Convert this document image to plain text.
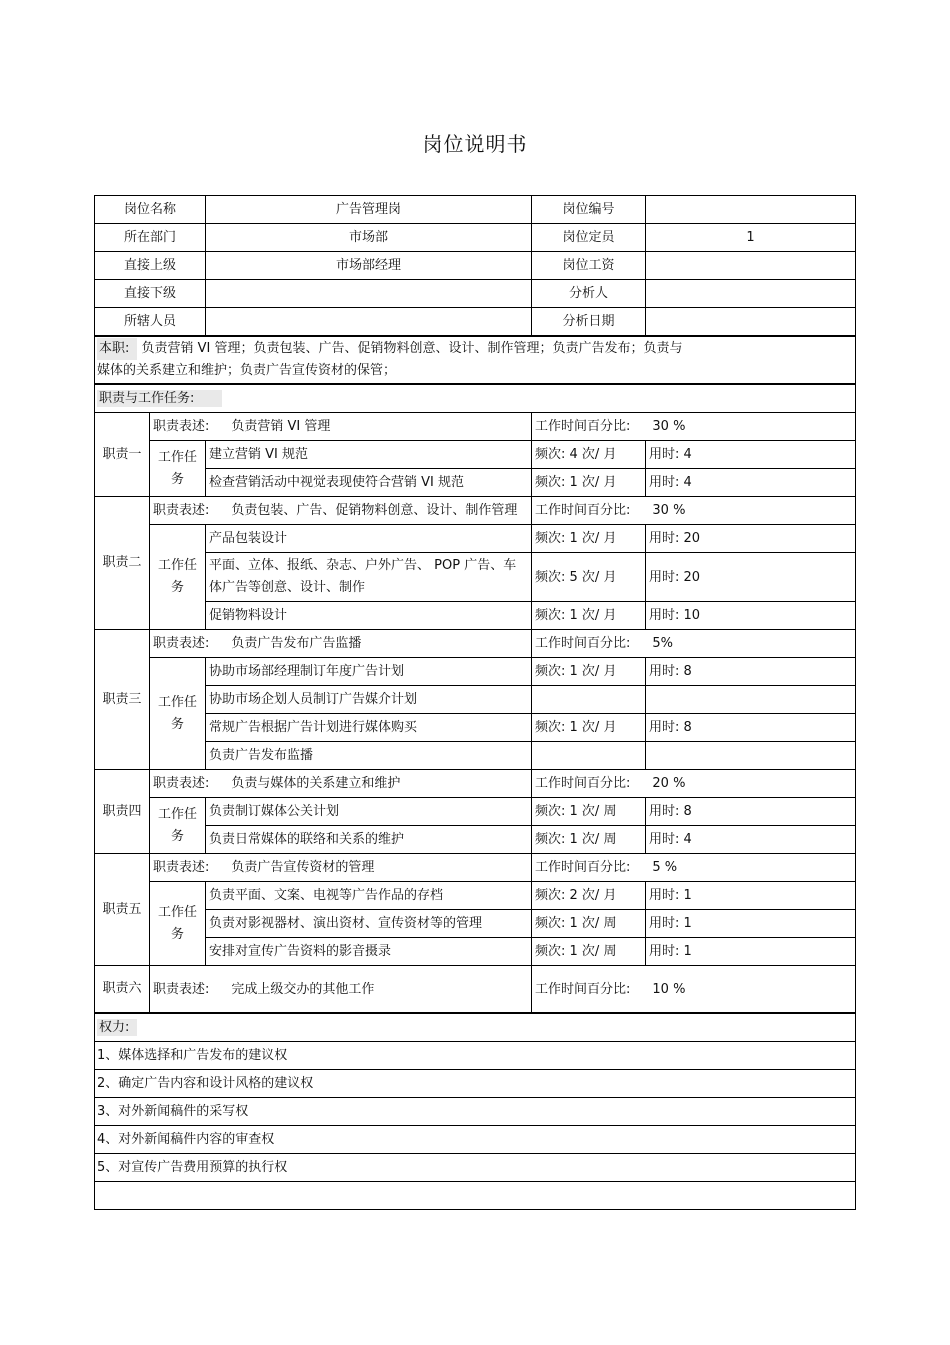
岗位说明书
岗位名称		广告管理岗	岗位编号	
所在部门		市场部	岗位定员	1
直接上级		市场部经理	岗位工资	
直接下级			分析人	
所辖人员			分析日期	
本职: 负责营销 VI 管理；负责包装、广告、促销物料创意、设计、制作管理；负责广告发布；负责与
媒体的关系建立和维护；负责广告宣传资材的保管；				
职责与工作任务:				
职责一	职责表述: 负责营销 VI 管理		工作时间百分比: 30 %	
	工作任务	建立营销 VI 规范	频次: 4 次/ 月	用时: 4
		检查营销活动中视觉表现使符合营销 VI 规范	频次: 1 次/ 月	用时: 4
职责二	职责表述: 负责包装、广告、促销物料创意、设计、制作管理		工作时间百分比: 30 %	
	工作任务	产品包装设计	频次: 1 次/ 月	用时: 20
		平面、立体、报纸、杂志、户外广告、 POP 广告、车体广告等创意、设计、制作	频次: 5 次/ 月	用时: 20
		促销物料设计	频次: 1 次/ 月	用时: 10
职责三	职责表述: 负责广告发布广告监播		工作时间百分比: 5%	
	工作任务	协助市场部经理制订年度广告计划	频次: 1 次/ 月	用时: 8
		协助市场企划人员制订广告媒介计划		
		常规广告根据广告计划进行媒体购买	频次: 1 次/ 月	用时: 8
		负责广告发布监播		
职责四	职责表述: 负责与媒体的关系建立和维护		工作时间百分比: 20 %	
	工作任务	负责制订媒体公关计划	频次: 1 次/ 周	用时: 8
		负责日常媒体的联络和关系的维护	频次: 1 次/ 周	用时: 4
职责五	职责表述: 负责广告宣传资材的管理		工作时间百分比: 5 %	
	工作任务	负责平面、文案、电视等广告作品的存档	频次: 2 次/ 月	用时: 1
		负责对影视器材、演出资材、宣传资材等的管理	频次: 1 次/ 周	用时: 1
		安排对宣传广告资料的影音摄录	频次: 1 次/ 周	用时: 1
职责六	职责表述: 完成上级交办的其他工作		工作时间百分比: 10 %	
权力:				
1、媒体选择和广告发布的建议权				
2、确定广告内容和设计风格的建议权				
3、对外新闻稿件的采写权				
4、对外新闻稿件内容的审查权				
5、对宣传广告费用预算的执行权				
